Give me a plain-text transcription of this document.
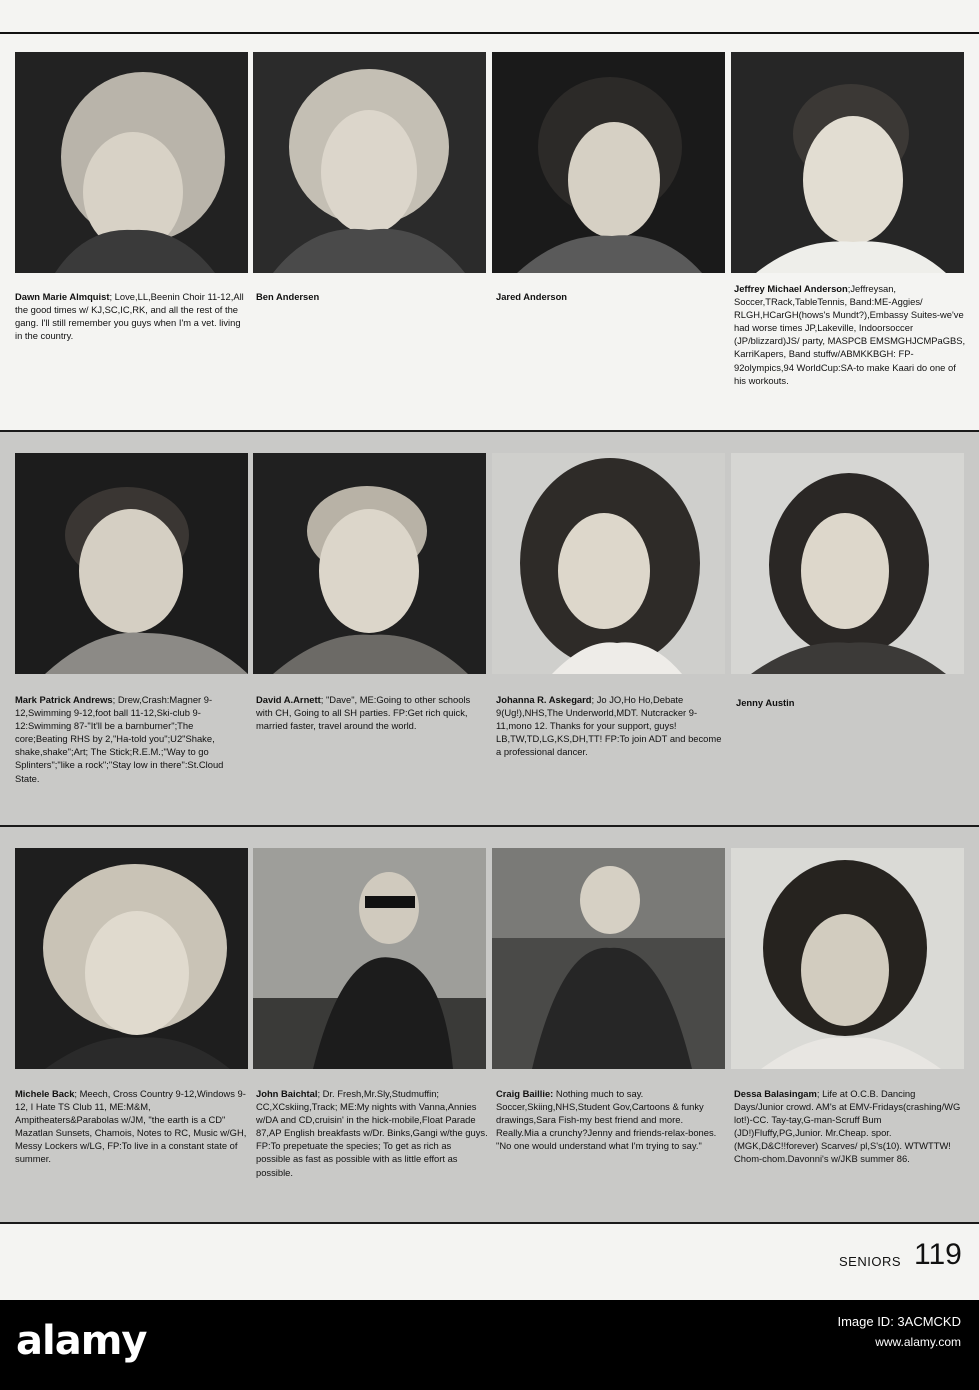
Dawn Marie Almquist; Love,LL,Beenin Choir 11-12,All the good times w/ KJ,SC,IC,RK, and all the rest of the gang. I'll still remember you guys when I'm a vet. living in the country.
Ben Andersen	Jared Anderson
Jeffrey Michael Anderson;Jeffreysan, Soccer,TRack,TableTennis, Band:ME-Aggies/ RLGH,HCarGH(hows's Mundt?),Embassy Suites-we've had worse times JP,Lakeville, Indoorsoccer (JP/blizzard)JS/ party, MASPCB EMSMGHJCMPaGBS, KarriKapers, Band stuffw/ABMKKBGH: FP-92olympics,94 WorldCup:SA-to make Kaari do one of his workouts.
Mark Patrick Andrews; Drew,Crash:Magner 9-12,Swimming 9-12,foot ball 11-12,Ski-club 9-12:Swimming 87-"It'll be a barnburner";The core;Beating RHS by 2,"Ha-told you";U2"Shake, shake,shake";Art; The Stick;R.E.M.;"Way to go Splinters";"like a rock";"Stay low in there":St.Cloud State.
David A.Arnett; "Dave", ME:Going to other schools with CH, Going to all SH parties. FP:Get rich quick, married faster, travel around the world.
Johanna R. Askegard; Jo JO,Ho Ho,Debate 9(Ug!),NHS,The Underworld,MDT. Nutcracker 9-11,mono 12. Thanks for your support, guys! LB,TW,TD,LG,KS,DH,TT! FP:To join ADT and become a professional dancer.
Jenny Austin
Michele Back; Meech, Cross Country 9-12,Windows 9-12, I Hate TS Club 11, ME:M&M, Ampitheaters&Parabolas w/JM, "the earth is a CD" Mazatlan Sunsets, Chamois, Notes to RC, Music w/GH, Messy Lockers w/LG, FP:To live in a constant state of summer.
John Baichtal; Dr. Fresh,Mr.Sly,Studmuffin; CC,XCskiing,Track; ME:My nights with Vanna,Annies w/DA and CD,cruisin' in the hick-mobile,Float Parade 87,AP English breakfasts w/Dr. Binks,Gangi w/the guys. FP:To prepetuate the species; To get as rich as possible as fast as possible with as little effort as possible.
Craig Baillie: Nothing much to say. Soccer,Skiing,NHS,Student Gov,Cartoons & funky drawings,Sara Fish-my best friend and more. Really.Mia a crunchy?Jenny and friends-relax-bones. "No one would understand what I'm trying to say."
Dessa Balasingam; Life at O.C.B. Dancing Days/Junior crowd. AM's at EMV-Fridays(crashing/WG lot!)-CC. Tay-tay,G-man-Scruff Bum (JD!)Fluffy,PG,Junior. Mr.Cheap. spor. (MGK,D&C!!forever) Scarves/ pl,S's(10). WTWTTW! Chom-chom.Davonni's w/JKB summer 86.
SENIORS 119
alamy	Image ID: 3ACMCKD
www.alamy.com
